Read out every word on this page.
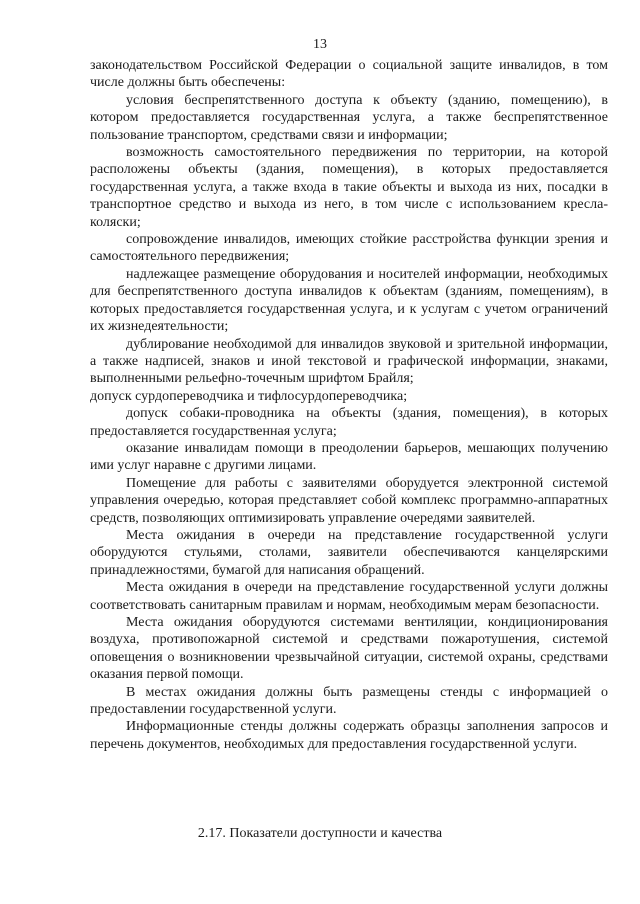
13

законодательством Российской Федерации о социальной защите инвалидов, в том числе должны быть обеспечены:

условия беспрепятственного доступа к объекту (зданию, помещению), в котором предоставляется государственная услуга, а также беспрепятственное пользование транспортом, средствами связи и информации;

возможность самостоятельного передвижения по территории, на которой расположены объекты (здания, помещения), в которых предоставляется государственная услуга, а также входа в такие объекты и выхода из них, посадки в транспортное средство и выхода из него, в том числе с использованием кресла-коляски;

сопровождение инвалидов, имеющих стойкие расстройства функции зрения и самостоятельного передвижения;

надлежащее размещение оборудования и носителей информации, необходимых для беспрепятственного доступа инвалидов к объектам (зданиям, помещениям), в которых предоставляется государственная услуга, и к услугам с учетом ограничений их жизнедеятельности;

дублирование необходимой для инвалидов звуковой и зрительной информации, а также надписей, знаков и иной текстовой и графической информации, знаками, выполненными рельефно-точечным шрифтом Брайля;

допуск сурдопереводчика и тифлосурдопереводчика;

допуск собаки-проводника на объекты (здания, помещения), в которых предоставляется государственная услуга;

оказание инвалидам помощи в преодолении барьеров, мешающих получению ими услуг наравне с другими лицами.

Помещение для работы с заявителями оборудуется электронной системой управления очередью, которая представляет собой комплекс программно-аппаратных средств, позволяющих оптимизировать управление очередями заявителей.

Места ожидания в очереди на представление государственной услуги оборудуются стульями, столами, заявители обеспечиваются канцелярскими принадлежностями, бумагой для написания обращений.

Места ожидания в очереди на представление государственной услуги должны соответствовать санитарным правилам и нормам, необходимым мерам безопасности.

Места ожидания оборудуются системами вентиляции, кондиционирования воздуха, противопожарной системой и средствами пожаротушения, системой оповещения о возникновении чрезвычайной ситуации, системой охраны, средствами оказания первой помощи.

В местах ожидания должны быть размещены стенды с информацией о предоставлении государственной услуги.

Информационные стенды должны содержать образцы заполнения запросов и перечень документов, необходимых для предоставления государственной услуги.

2.17. Показатели доступности и качества
